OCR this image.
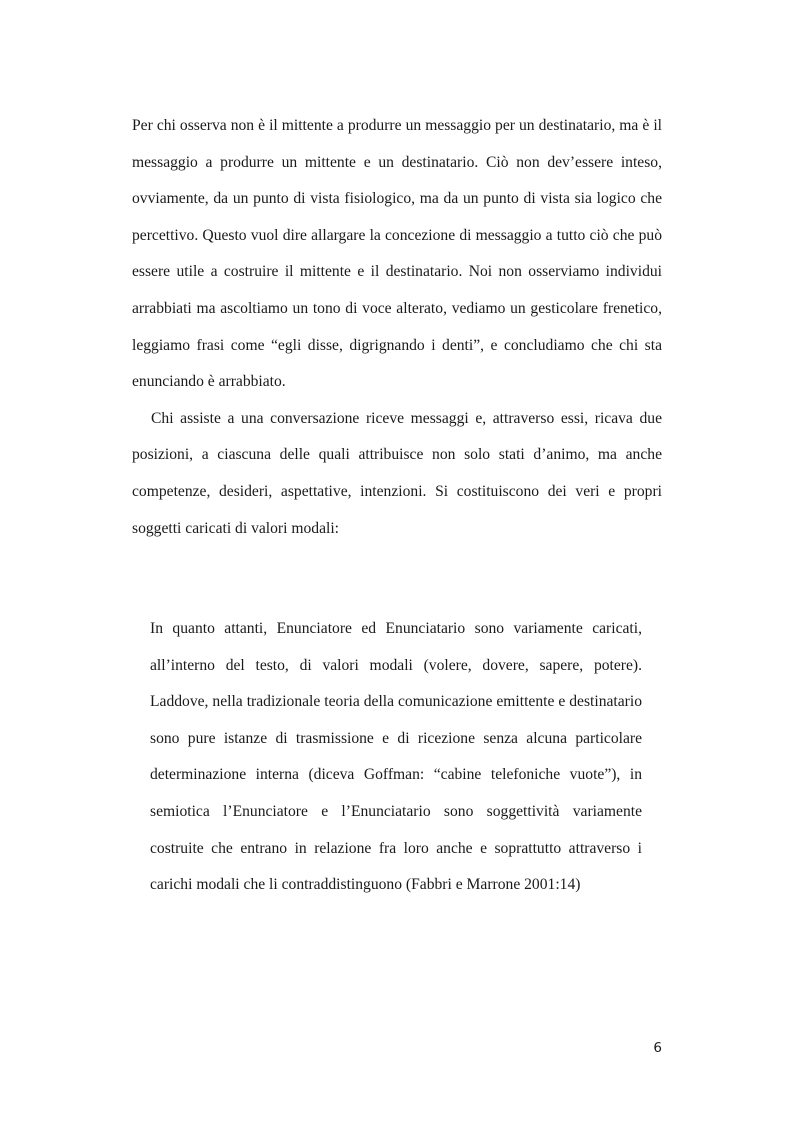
Per chi osserva non è il mittente a produrre un messaggio per un destinatario, ma è il messaggio a produrre un mittente e un destinatario. Ciò non dev’essere inteso, ovviamente, da un punto di vista fisiologico, ma da un punto di vista sia logico che percettivo. Questo vuol dire allargare la concezione di messaggio a tutto ciò che può essere utile a costruire il mittente e il destinatario. Noi non osserviamo individui arrabbiati ma ascoltiamo un tono di voce alterato, vediamo un gesticolare frenetico, leggiamo frasi come “egli disse, digrignando i denti”, e concludiamo che chi sta enunciando è arrabbiato.

Chi assiste a una conversazione riceve messaggi e, attraverso essi, ricava due posizioni, a ciascuna delle quali attribuisce non solo stati d’animo, ma anche competenze, desideri, aspettative, intenzioni. Si costituiscono dei veri e propri soggetti caricati di valori modali:

In quanto attanti, Enunciatore ed Enunciatario sono variamente caricati, all’interno del testo, di valori modali (volere, dovere, sapere, potere). Laddove, nella tradizionale teoria della comunicazione emittente e destinatario sono pure istanze di trasmissione e di ricezione senza alcuna particolare determinazione interna (diceva Goffman: “cabine telefoniche vuote”), in semiotica l’Enunciatore e l’Enunciatario sono soggettività variamente costruite che entrano in relazione fra loro anche e soprattutto attraverso i carichi modali che li contraddistinguono (Fabbri e Marrone 2001:14)

6
